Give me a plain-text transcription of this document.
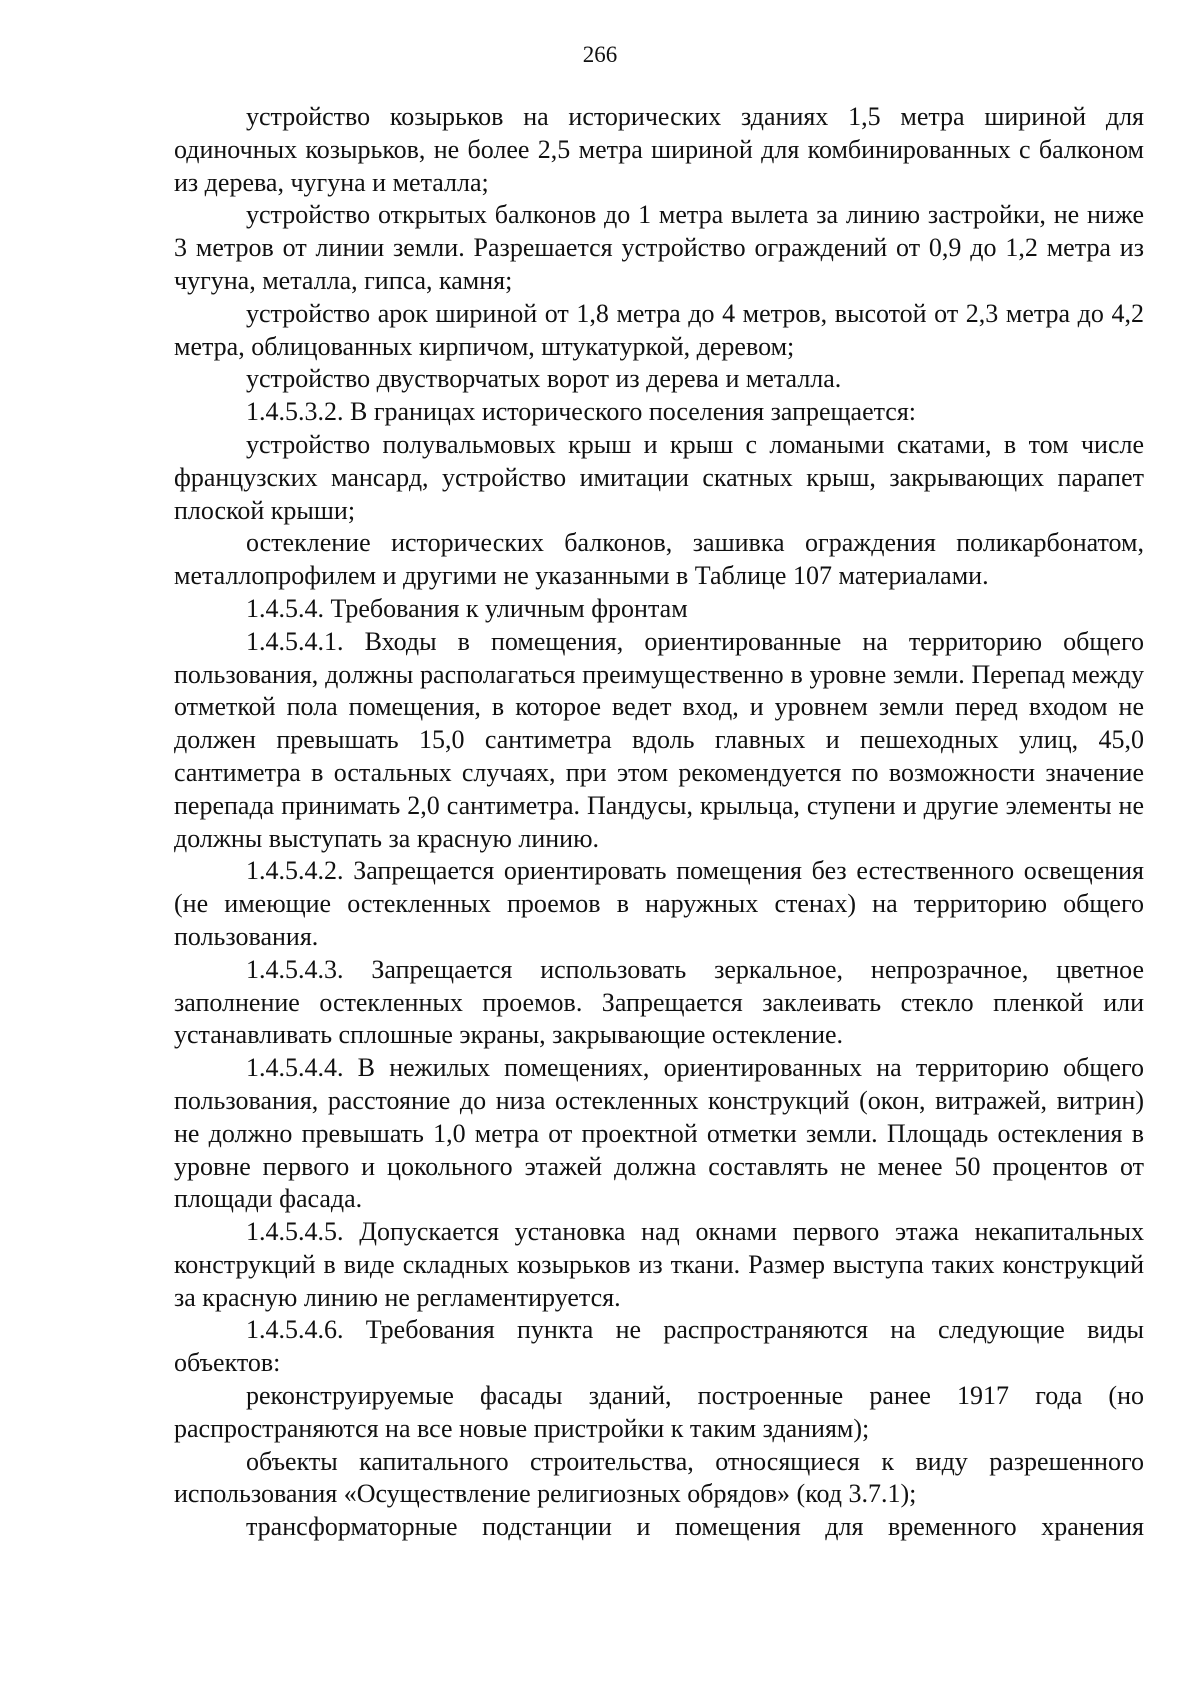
266

устройство козырьков на исторических зданиях 1,5 метра шириной для одиночных козырьков, не более 2,5 метра шириной для комбинированных с балконом из дерева, чугуна и металла;

устройство открытых балконов до 1 метра вылета за линию застройки, не ниже 3 метров от линии земли. Разрешается устройство ограждений от 0,9 до 1,2 метра из чугуна, металла, гипса, камня;

устройство арок шириной от 1,8 метра до 4 метров, высотой от 2,3 метра до 4,2 метра, облицованных кирпичом, штукатуркой, деревом;

устройство двустворчатых ворот из дерева и металла.

1.4.5.3.2. В границах исторического поселения запрещается:

устройство полувальмовых крыш и крыш с ломаными скатами, в том числе французских мансард, устройство имитации скатных крыш, закрывающих парапет плоской крыши;

остекление исторических балконов, зашивка ограждения поликарбонатом, металлопрофилем и другими не указанными в Таблице 107 материалами.

1.4.5.4. Требования к уличным фронтам

1.4.5.4.1. Входы в помещения, ориентированные на территорию общего пользования, должны располагаться преимущественно в уровне земли. Перепад между отметкой пола помещения, в которое ведет вход, и уровнем земли перед входом не должен превышать 15,0 сантиметра вдоль главных и пешеходных улиц, 45,0 сантиметра в остальных случаях, при этом рекомендуется по возможности значение перепада принимать 2,0 сантиметра. Пандусы, крыльца, ступени и другие элементы не должны выступать за красную линию.

1.4.5.4.2. Запрещается ориентировать помещения без естественного освещения (не имеющие остекленных проемов в наружных стенах) на территорию общего пользования.

1.4.5.4.3. Запрещается использовать зеркальное, непрозрачное, цветное заполнение остекленных проемов. Запрещается заклеивать стекло пленкой или устанавливать сплошные экраны, закрывающие остекление.

1.4.5.4.4. В нежилых помещениях, ориентированных на территорию общего пользования, расстояние до низа остекленных конструкций (окон, витражей, витрин) не должно превышать 1,0 метра от проектной отметки земли. Площадь остекления в уровне первого и цокольного этажей должна составлять не менее 50 процентов от площади фасада.

1.4.5.4.5. Допускается установка над окнами первого этажа некапитальных конструкций в виде складных козырьков из ткани. Размер выступа таких конструкций за красную линию не регламентируется.

1.4.5.4.6. Требования пункта не распространяются на следующие виды объектов:

реконструируемые фасады зданий, построенные ранее 1917 года (но распространяются на все новые пристройки к таким зданиям);

объекты капитального строительства, относящиеся к виду разрешенного использования «Осуществление религиозных обрядов» (код 3.7.1);

трансформаторные подстанции и помещения для временного хранения
